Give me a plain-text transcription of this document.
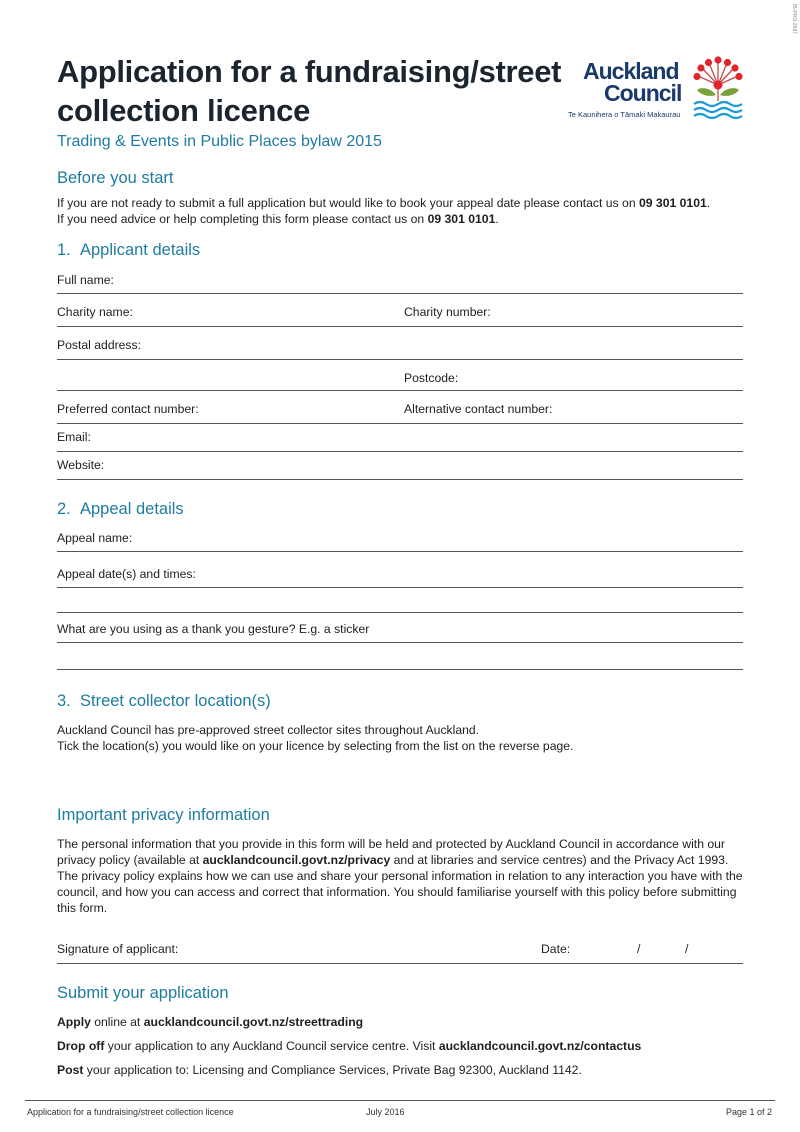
IB-PRO-2697
Application for a fundraising/street
collection licence
Auckland
Council
Te Kaunihera o Tāmaki Makaurau
Trading & Events in Public Places bylaw 2015
Before you start
If you are not ready to submit a full application but would like to book your appeal date please contact us on 09 301 0101.
If you need advice or help completing this form please contact us on 09 301 0101.
1. Applicant details
Full name:
Charity name:	Charity number:
Postal address:
Postcode:
Preferred contact number:	Alternative contact number:
Email:
Website:
2. Appeal details
Appeal name:
Appeal date(s) and times:
What are you using as a thank you gesture? E.g. a sticker
3. Street collector location(s)
Auckland Council has pre-approved street collector sites throughout Auckland.
Tick the location(s) you would like on your licence by selecting from the list on the reverse page.
Important privacy information
The personal information that you provide in this form will be held and protected by Auckland Council in accordance with our privacy policy (available at aucklandcouncil.govt.nz/privacy and at libraries and service centres) and the Privacy Act 1993. The privacy policy explains how we can use and share your personal information in relation to any interaction you have with the council, and how you can access and correct that information. You should familiarise yourself with this policy before submitting this form.
Signature of applicant:	Date:	/	/
Submit your application
Apply online at aucklandcouncil.govt.nz/streettrading
Drop off your application to any Auckland Council service centre. Visit aucklandcouncil.govt.nz/contactus
Post your application to: Licensing and Compliance Services, Private Bag 92300, Auckland 1142.
Application for a fundraising/street collection licence	July 2016	Page 1 of 2
